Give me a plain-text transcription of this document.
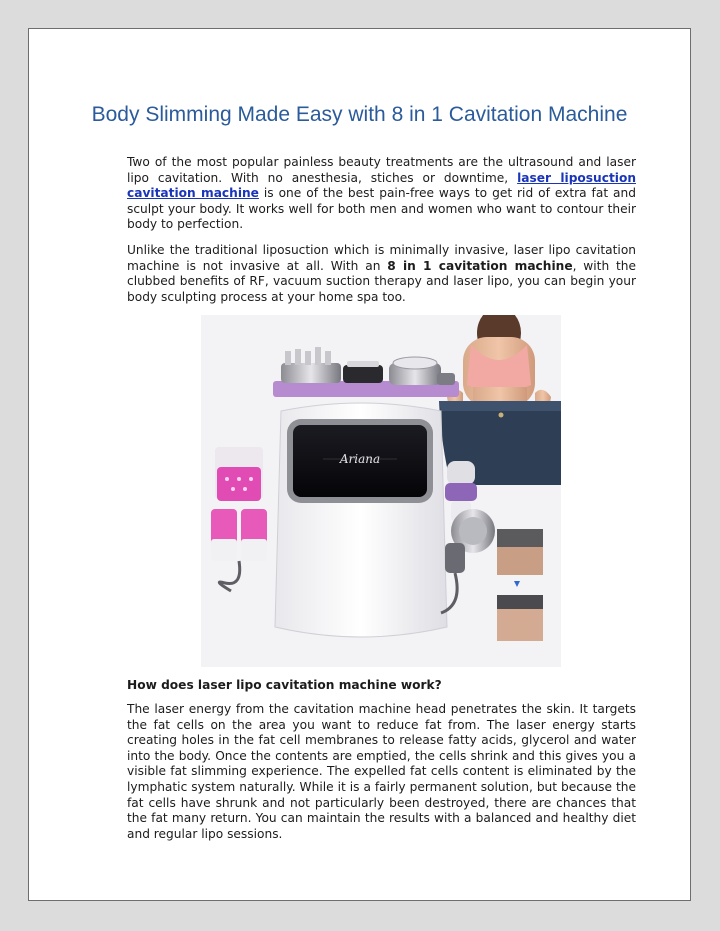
Body Slimming Made Easy with 8 in 1 Cavitation Machine

Two of the most popular painless beauty treatments are the ultrasound and laser lipo cavitation. With no anesthesia, stiches or downtime, laser liposuction cavitation machine is one of the best pain-free ways to get rid of extra fat and sculpt your body. It works well for both men and women who want to contour their body to perfection.

Unlike the traditional liposuction which is minimally invasive, laser lipo cavitation machine is not invasive at all. With an 8 in 1 cavitation machine, with the clubbed benefits of RF, vacuum suction therapy and laser lipo, you can begin your body sculpting process at your home spa too.

Ariana

How does laser lipo cavitation machine work?

The laser energy from the cavitation machine head penetrates the skin. It targets the fat cells on the area you want to reduce fat from. The laser energy starts creating holes in the fat cell membranes to release fatty acids, glycerol and water into the body. Once the contents are emptied, the cells shrink and this gives you a visible fat slimming experience. The expelled fat cells content is eliminated by the lymphatic system naturally. While it is a fairly permanent solution, but because the fat cells have shrunk and not particularly been destroyed, there are chances that the fat many return. You can maintain the results with a balanced and healthy diet and regular lipo sessions.
